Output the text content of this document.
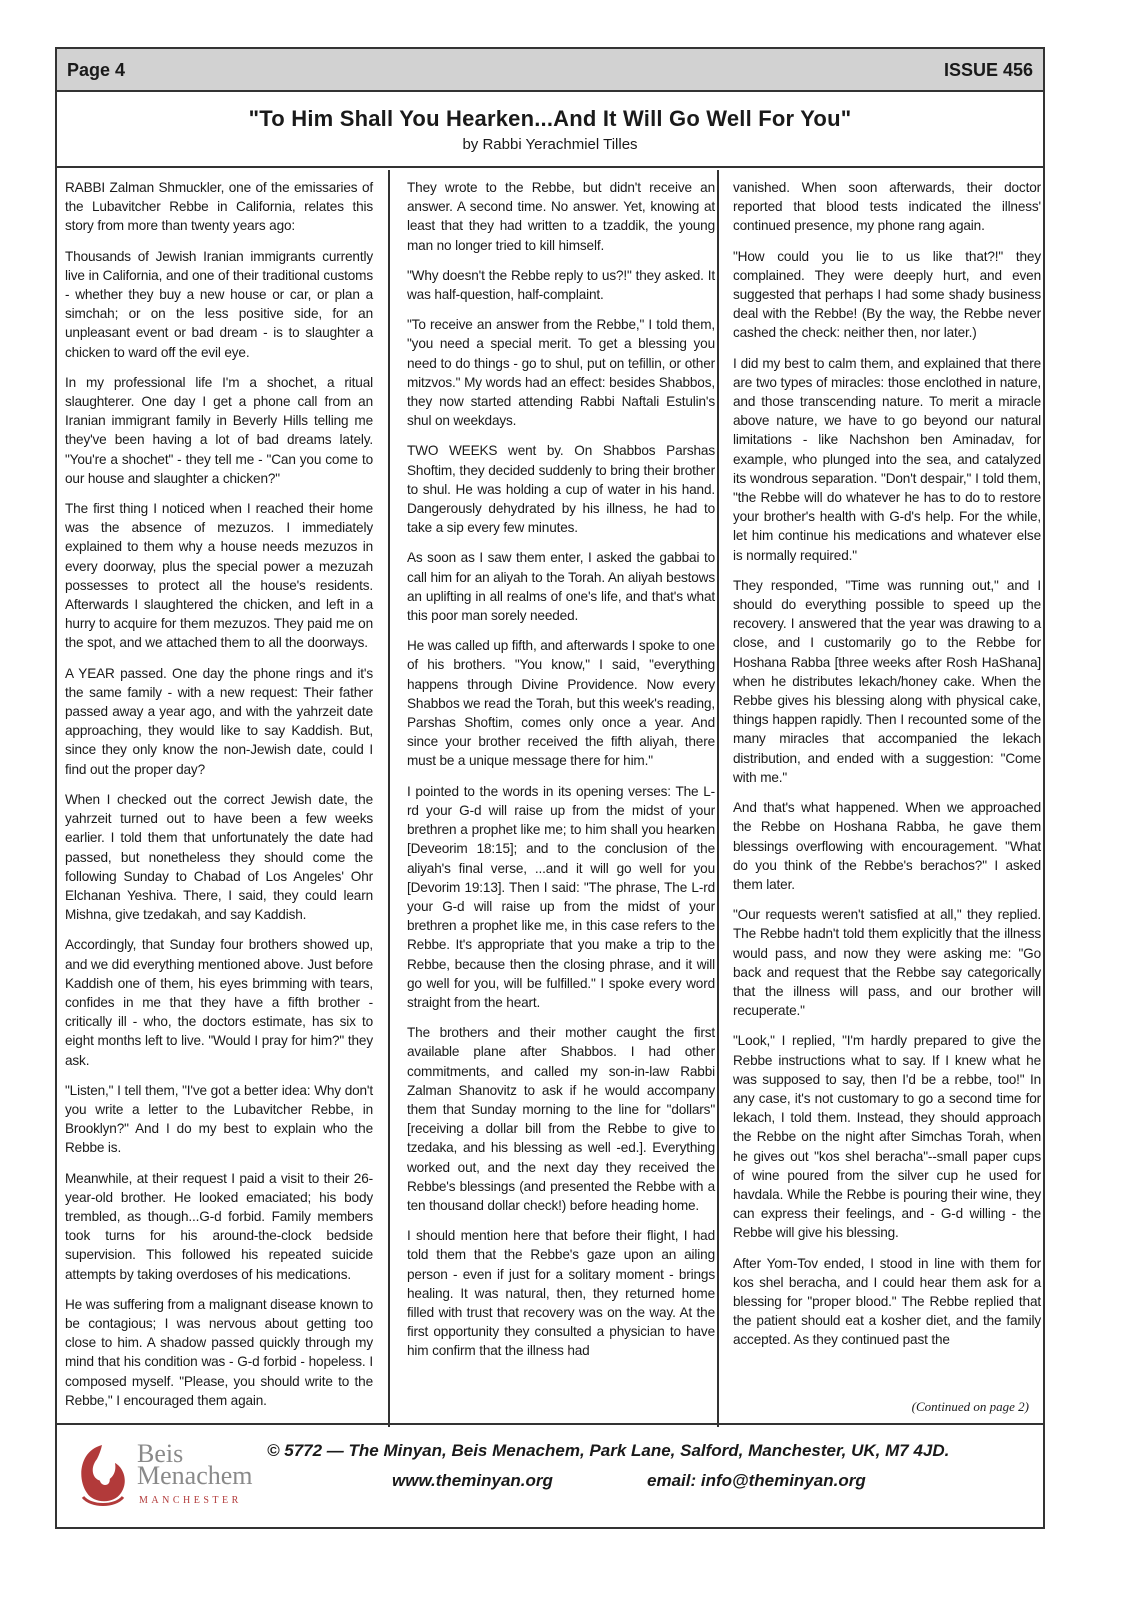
Page 4	ISSUE 456
"To Him Shall You Hearken...And It Will Go Well For You"
by Rabbi Yerachmiel Tilles

RABBI Zalman Shmuckler, one of the emissaries of the Lubavitcher Rebbe in California, relates this story from more than twenty years ago:

Thousands of Jewish Iranian immigrants currently live in California, and one of their traditional customs - whether they buy a new house or car, or plan a simchah; or on the less positive side, for an unpleasant event or bad dream - is to slaughter a chicken to ward off the evil eye.

In my professional life I'm a shochet, a ritual slaughterer. One day I get a phone call from an Iranian immigrant family in Beverly Hills telling me they've been having a lot of bad dreams lately. "You're a shochet" - they tell me - "Can you come to our house and slaughter a chicken?"

The first thing I noticed when I reached their home was the absence of mezuzos. I immediately explained to them why a house needs mezuzos in every doorway, plus the special power a mezuzah possesses to protect all the house's residents. Afterwards I slaughtered the chicken, and left in a hurry to acquire for them mezuzos. They paid me on the spot, and we attached them to all the doorways.

A YEAR passed. One day the phone rings and it's the same family - with a new request: Their father passed away a year ago, and with the yahrzeit date approaching, they would like to say Kaddish. But, since they only know the non-Jewish date, could I find out the proper day?

When I checked out the correct Jewish date, the yahrzeit turned out to have been a few weeks earlier. I told them that unfortunately the date had passed, but nonetheless they should come the following Sunday to Chabad of Los Angeles' Ohr Elchanan Yeshiva. There, I said, they could learn Mishna, give tzedakah, and say Kaddish.

Accordingly, that Sunday four brothers showed up, and we did everything mentioned above. Just before Kaddish one of them, his eyes brimming with tears, confides in me that they have a fifth brother - critically ill - who, the doctors estimate, has six to eight months left to live. "Would I pray for him?" they ask.

"Listen," I tell them, "I've got a better idea: Why don't you write a letter to the Lubavitcher Rebbe, in Brooklyn?" And I do my best to explain who the Rebbe is.

Meanwhile, at their request I paid a visit to their 26-year-old brother. He looked emaciated; his body trembled, as though...G-d forbid. Family members took turns for his around-the-clock bedside supervision. This followed his repeated suicide attempts by taking overdoses of his medications.

He was suffering from a malignant disease known to be contagious; I was nervous about getting too close to him. A shadow passed quickly through my mind that his condition was - G-d forbid - hopeless. I composed myself. "Please, you should write to the Rebbe," I encouraged them again.

They wrote to the Rebbe, but didn't receive an answer. A second time. No answer. Yet, knowing at least that they had written to a tzaddik, the young man no longer tried to kill himself.

"Why doesn't the Rebbe reply to us?!" they asked. It was half-question, half-complaint.

"To receive an answer from the Rebbe," I told them, "you need a special merit. To get a blessing you need to do things - go to shul, put on tefillin, or other mitzvos." My words had an effect: besides Shabbos, they now started attending Rabbi Naftali Estulin's shul on weekdays.

TWO WEEKS went by. On Shabbos Parshas Shoftim, they decided suddenly to bring their brother to shul. He was holding a cup of water in his hand. Dangerously dehydrated by his illness, he had to take a sip every few minutes.

As soon as I saw them enter, I asked the gabbai to call him for an aliyah to the Torah. An aliyah bestows an uplifting in all realms of one's life, and that's what this poor man sorely needed.

He was called up fifth, and afterwards I spoke to one of his brothers. "You know," I said, "everything happens through Divine Providence. Now every Shabbos we read the Torah, but this week's reading, Parshas Shoftim, comes only once a year. And since your brother received the fifth aliyah, there must be a unique message there for him."

I pointed to the words in its opening verses: The L-rd your G-d will raise up from the midst of your brethren a prophet like me; to him shall you hearken [Deveorim 18:15]; and to the conclusion of the aliyah's final verse, ...and it will go well for you [Devorim 19:13]. Then I said: "The phrase, The L-rd your G-d will raise up from the midst of your brethren a prophet like me, in this case refers to the Rebbe. It's appropriate that you make a trip to the Rebbe, because then the closing phrase, and it will go well for you, will be fulfilled." I spoke every word straight from the heart.

The brothers and their mother caught the first available plane after Shabbos. I had other commitments, and called my son-in-law Rabbi Zalman Shanovitz to ask if he would accompany them that Sunday morning to the line for "dollars" [receiving a dollar bill from the Rebbe to give to tzedaka, and his blessing as well -ed.]. Everything worked out, and the next day they received the Rebbe's blessings (and presented the Rebbe with a ten thousand dollar check!) before heading home.

I should mention here that before their flight, I had told them that the Rebbe's gaze upon an ailing person - even if just for a solitary moment - brings healing. It was natural, then, they returned home filled with trust that recovery was on the way. At the first opportunity they consulted a physician to have him confirm that the illness had

vanished. When soon afterwards, their doctor reported that blood tests indicated the illness' continued presence, my phone rang again.

"How could you lie to us like that?!" they complained. They were deeply hurt, and even suggested that perhaps I had some shady business deal with the Rebbe! (By the way, the Rebbe never cashed the check: neither then, nor later.)

I did my best to calm them, and explained that there are two types of miracles: those enclothed in nature, and those transcending nature. To merit a miracle above nature, we have to go beyond our natural limitations - like Nachshon ben Aminadav, for example, who plunged into the sea, and catalyzed its wondrous separation. "Don't despair," I told them, "the Rebbe will do whatever he has to do to restore your brother's health with G-d's help. For the while, let him continue his medications and whatever else is normally required."

They responded, "Time was running out," and I should do everything possible to speed up the recovery. I answered that the year was drawing to a close, and I customarily go to the Rebbe for Hoshana Rabba [three weeks after Rosh HaShana] when he distributes lekach/honey cake. When the Rebbe gives his blessing along with physical cake, things happen rapidly. Then I recounted some of the many miracles that accompanied the lekach distribution, and ended with a suggestion: "Come with me."

And that's what happened. When we approached the Rebbe on Hoshana Rabba, he gave them blessings overflowing with encouragement. "What do you think of the Rebbe's berachos?" I asked them later.

"Our requests weren't satisfied at all," they replied. The Rebbe hadn't told them explicitly that the illness would pass, and now they were asking me: "Go back and request that the Rebbe say categorically that the illness will pass, and our brother will recuperate."

"Look," I replied, "I'm hardly prepared to give the Rebbe instructions what to say. If I knew what he was supposed to say, then I'd be a rebbe, too!" In any case, it's not customary to go a second time for lekach, I told them. Instead, they should approach the Rebbe on the night after Simchas Torah, when he gives out "kos shel beracha"--small paper cups of wine poured from the silver cup he used for havdala. While the Rebbe is pouring their wine, they can express their feelings, and - G-d willing - the Rebbe will give his blessing.

After Yom-Tov ended, I stood in line with them for kos shel beracha, and I could hear them ask for a blessing for "proper blood." The Rebbe replied that the patient should eat a kosher diet, and the family accepted. As they continued past the

(Continued on page 2)
Beis
Menachem
MANCHESTER
© 5772 — The Minyan, Beis Menachem, Park Lane, Salford, Manchester, UK, M7 4JD.
www.theminyan.org	email: info@theminyan.org
